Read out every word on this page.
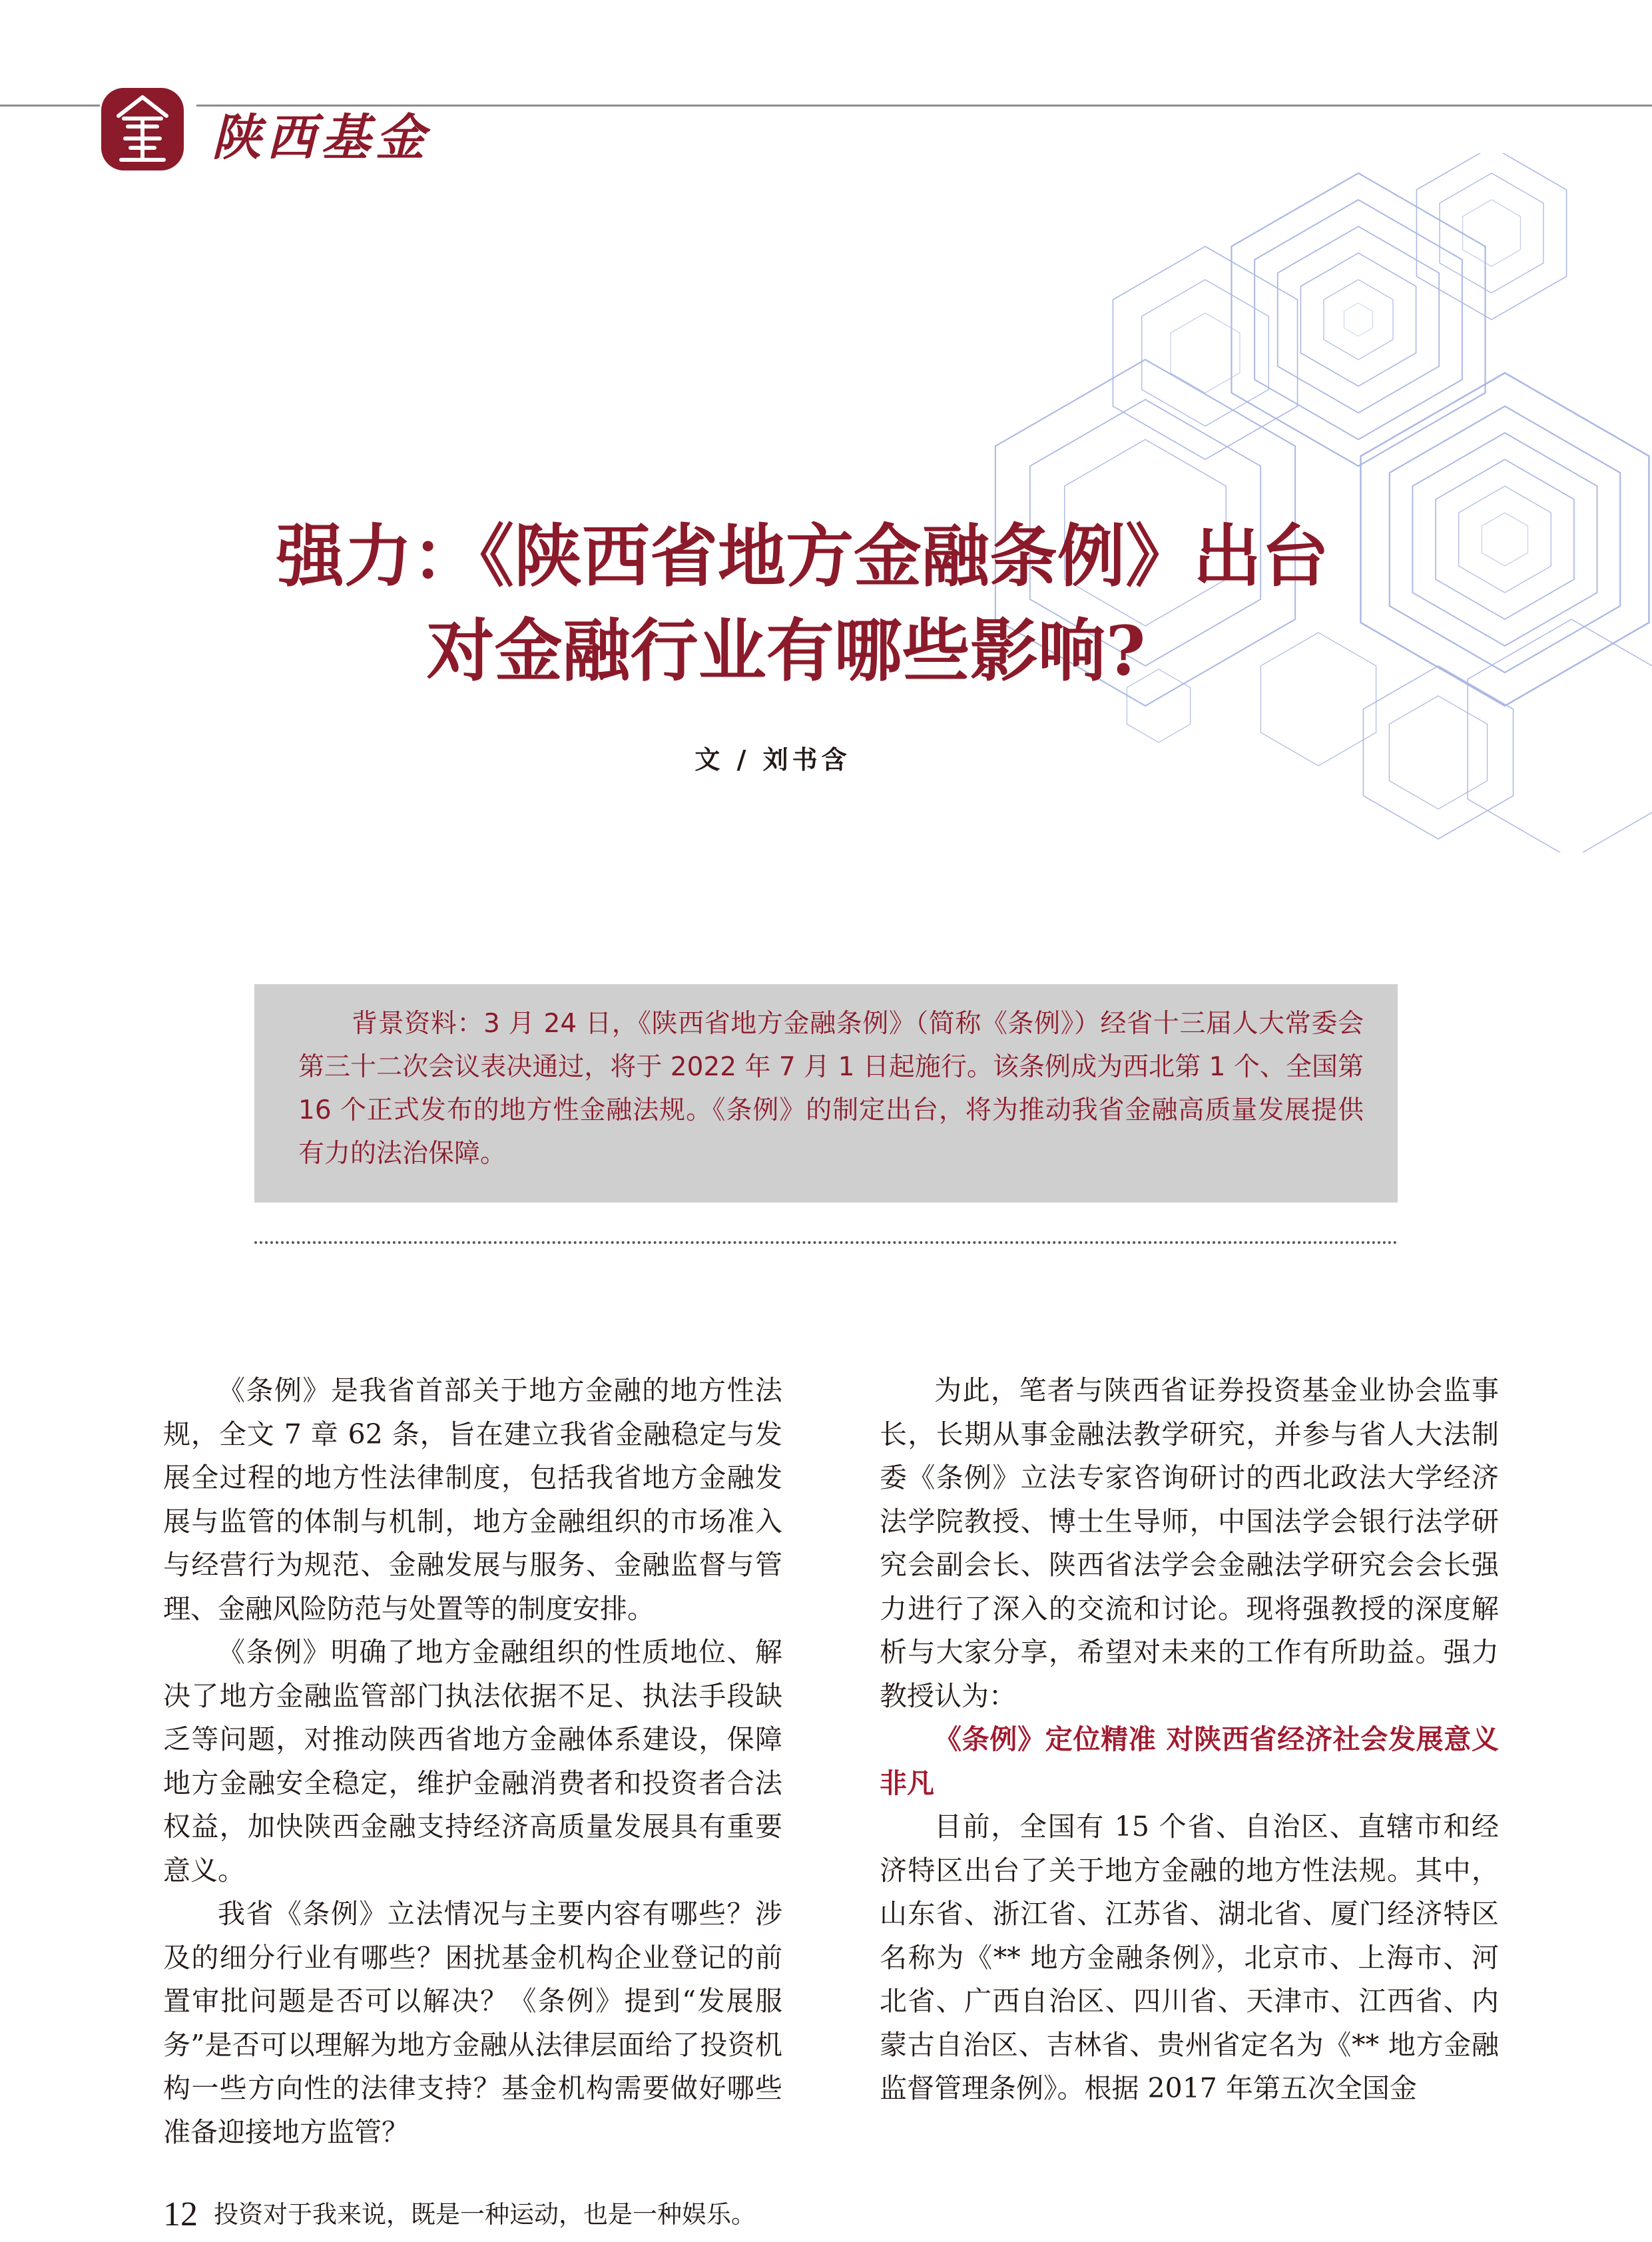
陕西基金
强力：《陕西省地方金融条例》出台
对金融行业有哪些影响?
文 / 刘书含
背景资料：3 月 24 日，《陕西省地方金融条例》（简称《条例》）经省十三届人大常委会第三十二次会议表决通过，将于 2022 年 7 月 1 日起施行。该条例成为西北第 1 个、全国第 16 个正式发布的地方性金融法规。《条例》的制定出台，将为推动我省金融高质量发展提供有力的法治保障。

《条例》是我省首部关于地方金融的地方性法规，全文 7 章 62 条，旨在建立我省金融稳定与发展全过程的地方性法律制度，包括我省地方金融发展与监管的体制与机制，地方金融组织的市场准入与经营行为规范、金融发展与服务、金融监督与管理、金融风险防范与处置等的制度安排。

《条例》明确了地方金融组织的性质地位、解决了地方金融监管部门执法依据不足、执法手段缺乏等问题，对推动陕西省地方金融体系建设，保障地方金融安全稳定，维护金融消费者和投资者合法权益，加快陕西金融支持经济高质量发展具有重要意义。

我省《条例》立法情况与主要内容有哪些？涉及的细分行业有哪些？困扰基金机构企业登记的前置审批问题是否可以解决？《条例》提到“发展服务”是否可以理解为地方金融从法律层面给了投资机构一些方向性的法律支持？基金机构需要做好哪些准备迎接地方监管？

为此，笔者与陕西省证券投资基金业协会监事长，长期从事金融法教学研究，并参与省人大法制委《条例》立法专家咨询研讨的西北政法大学经济法学院教授、博士生导师，中国法学会银行法学研究会副会长、陕西省法学会金融法学研究会会长强力进行了深入的交流和讨论。现将强教授的深度解析与大家分享，希望对未来的工作有所助益。强力教授认为：

《条例》定位精准 对陕西省经济社会发展意义非凡

目前，全国有 15 个省、自治区、直辖市和经济特区出台了关于地方金融的地方性法规。其中，山东省、浙江省、江苏省、湖北省、厦门经济特区名称为《** 地方金融条例》，北京市、上海市、河北省、广西自治区、四川省、天津市、江西省、内蒙古自治区、吉林省、贵州省定名为《** 地方金融监督管理条例》。根据 2017 年第五次全国金

12 投资对于我来说，既是一种运动，也是一种娱乐。
